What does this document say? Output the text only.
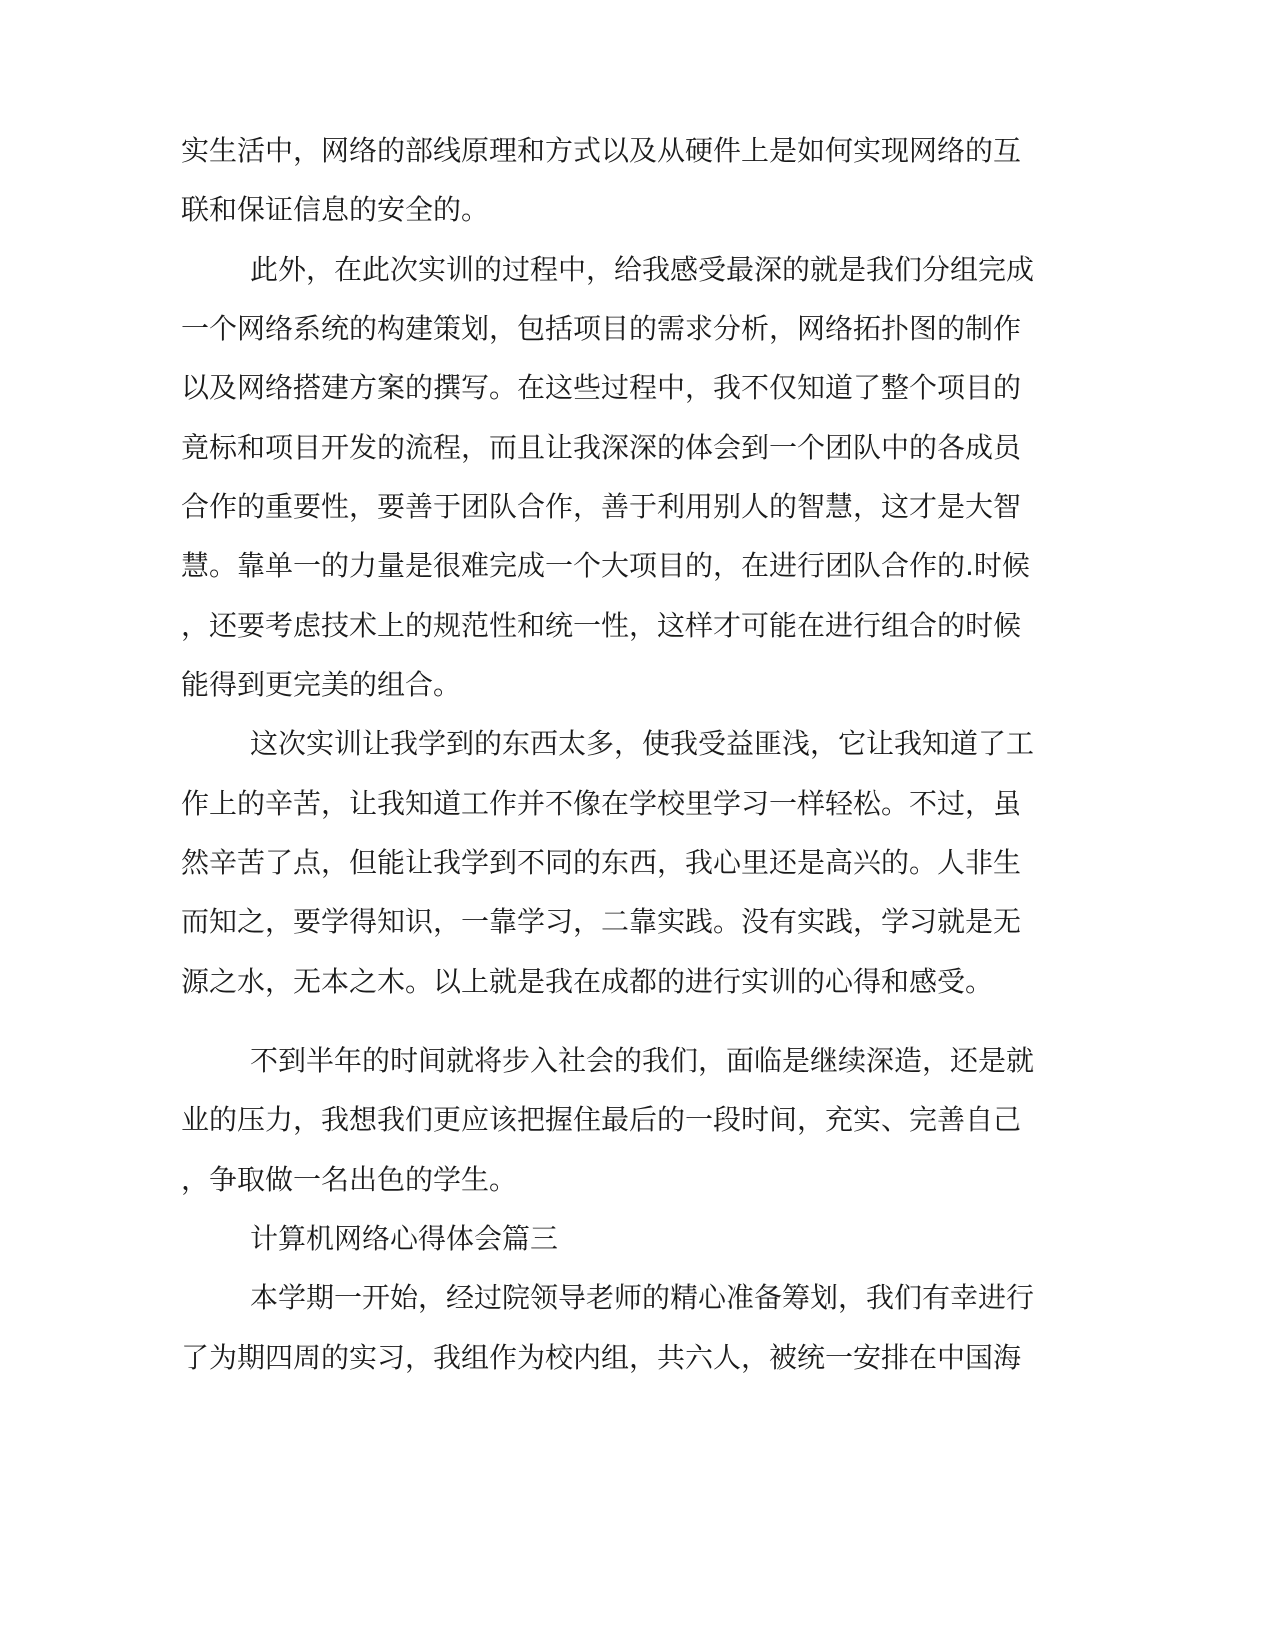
实生活中，网络的部线原理和方式以及从硬件上是如何实现网络的互
联和保证信息的安全的。
此外，在此次实训的过程中，给我感受最深的就是我们分组完成
一个网络系统的构建策划，包括项目的需求分析，网络拓扑图的制作
以及网络搭建方案的撰写。在这些过程中，我不仅知道了整个项目的
竟标和项目开发的流程，而且让我深深的体会到一个团队中的各成员
合作的重要性，要善于团队合作，善于利用别人的智慧，这才是大智
慧。靠单一的力量是很难完成一个大项目的，在进行团队合作的.时候
，还要考虑技术上的规范性和统一性，这样才可能在进行组合的时候
能得到更完美的组合。
这次实训让我学到的东西太多，使我受益匪浅，它让我知道了工
作上的辛苦，让我知道工作并不像在学校里学习一样轻松。不过，虽
然辛苦了点，但能让我学到不同的东西，我心里还是高兴的。人非生
而知之，要学得知识，一靠学习，二靠实践。没有实践，学习就是无
源之水，无本之木。以上就是我在成都的进行实训的心得和感受。
不到半年的时间就将步入社会的我们，面临是继续深造，还是就
业的压力，我想我们更应该把握住最后的一段时间，充实、完善自己
，争取做一名出色的学生。
计算机网络心得体会篇三
本学期一开始，经过院领导老师的精心准备筹划，我们有幸进行
了为期四周的实习，我组作为校内组，共六人，被统一安排在中国海
